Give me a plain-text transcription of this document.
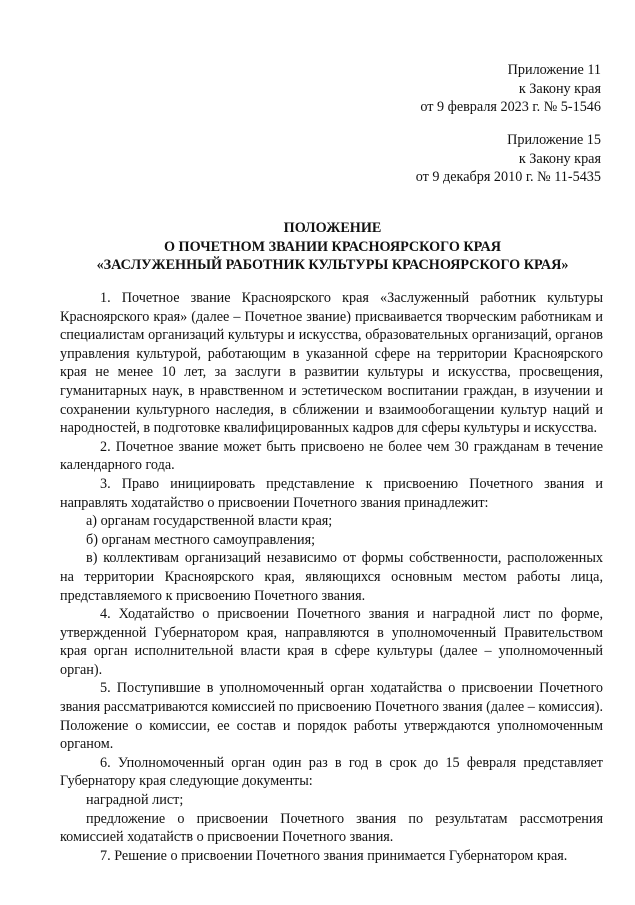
Приложение 11
к Закону края
от 9 февраля 2023 г. № 5-1546
Приложение 15
к Закону края
от 9 декабря 2010 г. № 11-5435
ПОЛОЖЕНИЕ
О ПОЧЕТНОМ ЗВАНИИ КРАСНОЯРСКОГО КРАЯ
«ЗАСЛУЖЕННЫЙ РАБОТНИК КУЛЬТУРЫ КРАСНОЯРСКОГО КРАЯ»

1. Почетное звание Красноярского края «Заслуженный работник культуры Красноярского края» (далее – Почетное звание) присваивается творческим работникам и специалистам организаций культуры и искусства, образовательных организаций, органов управления культурой, работающим в указанной сфере на территории Красноярского края не менее 10 лет, за заслуги в развитии культуры и искусства, просвещения, гуманитарных наук, в нравственном и эстетическом воспитании граждан, в изучении и сохранении культурного наследия, в сближении и взаимообогащении культур наций и народностей, в подготовке квалифицированных кадров для сферы культуры и искусства.

2. Почетное звание может быть присвоено не более чем 30 гражданам в течение календарного года.

3. Право инициировать представление к присвоению Почетного звания и направлять ходатайство о присвоении Почетного звания принадлежит:

а) органам государственной власти края;

б) органам местного самоуправления;

в) коллективам организаций независимо от формы собственности, расположенных на территории Красноярского края, являющихся основным местом работы лица, представляемого к присвоению Почетного звания.

4. Ходатайство о присвоении Почетного звания и наградной лист по форме, утвержденной Губернатором края, направляются в уполномоченный Правительством края орган исполнительной власти края в сфере культуры (далее – уполномоченный орган).

5. Поступившие в уполномоченный орган ходатайства о присвоении Почетного звания рассматриваются комиссией по присвоению Почетного звания (далее – комиссия). Положение о комиссии, ее состав и порядок работы утверждаются уполномоченным органом.

6. Уполномоченный орган один раз в год в срок до 15 февраля представляет Губернатору края следующие документы:

наградной лист;

предложение о присвоении Почетного звания по результатам рассмотрения комиссией ходатайств о присвоении Почетного звания.

7. Решение о присвоении Почетного звания принимается Губернатором края.
